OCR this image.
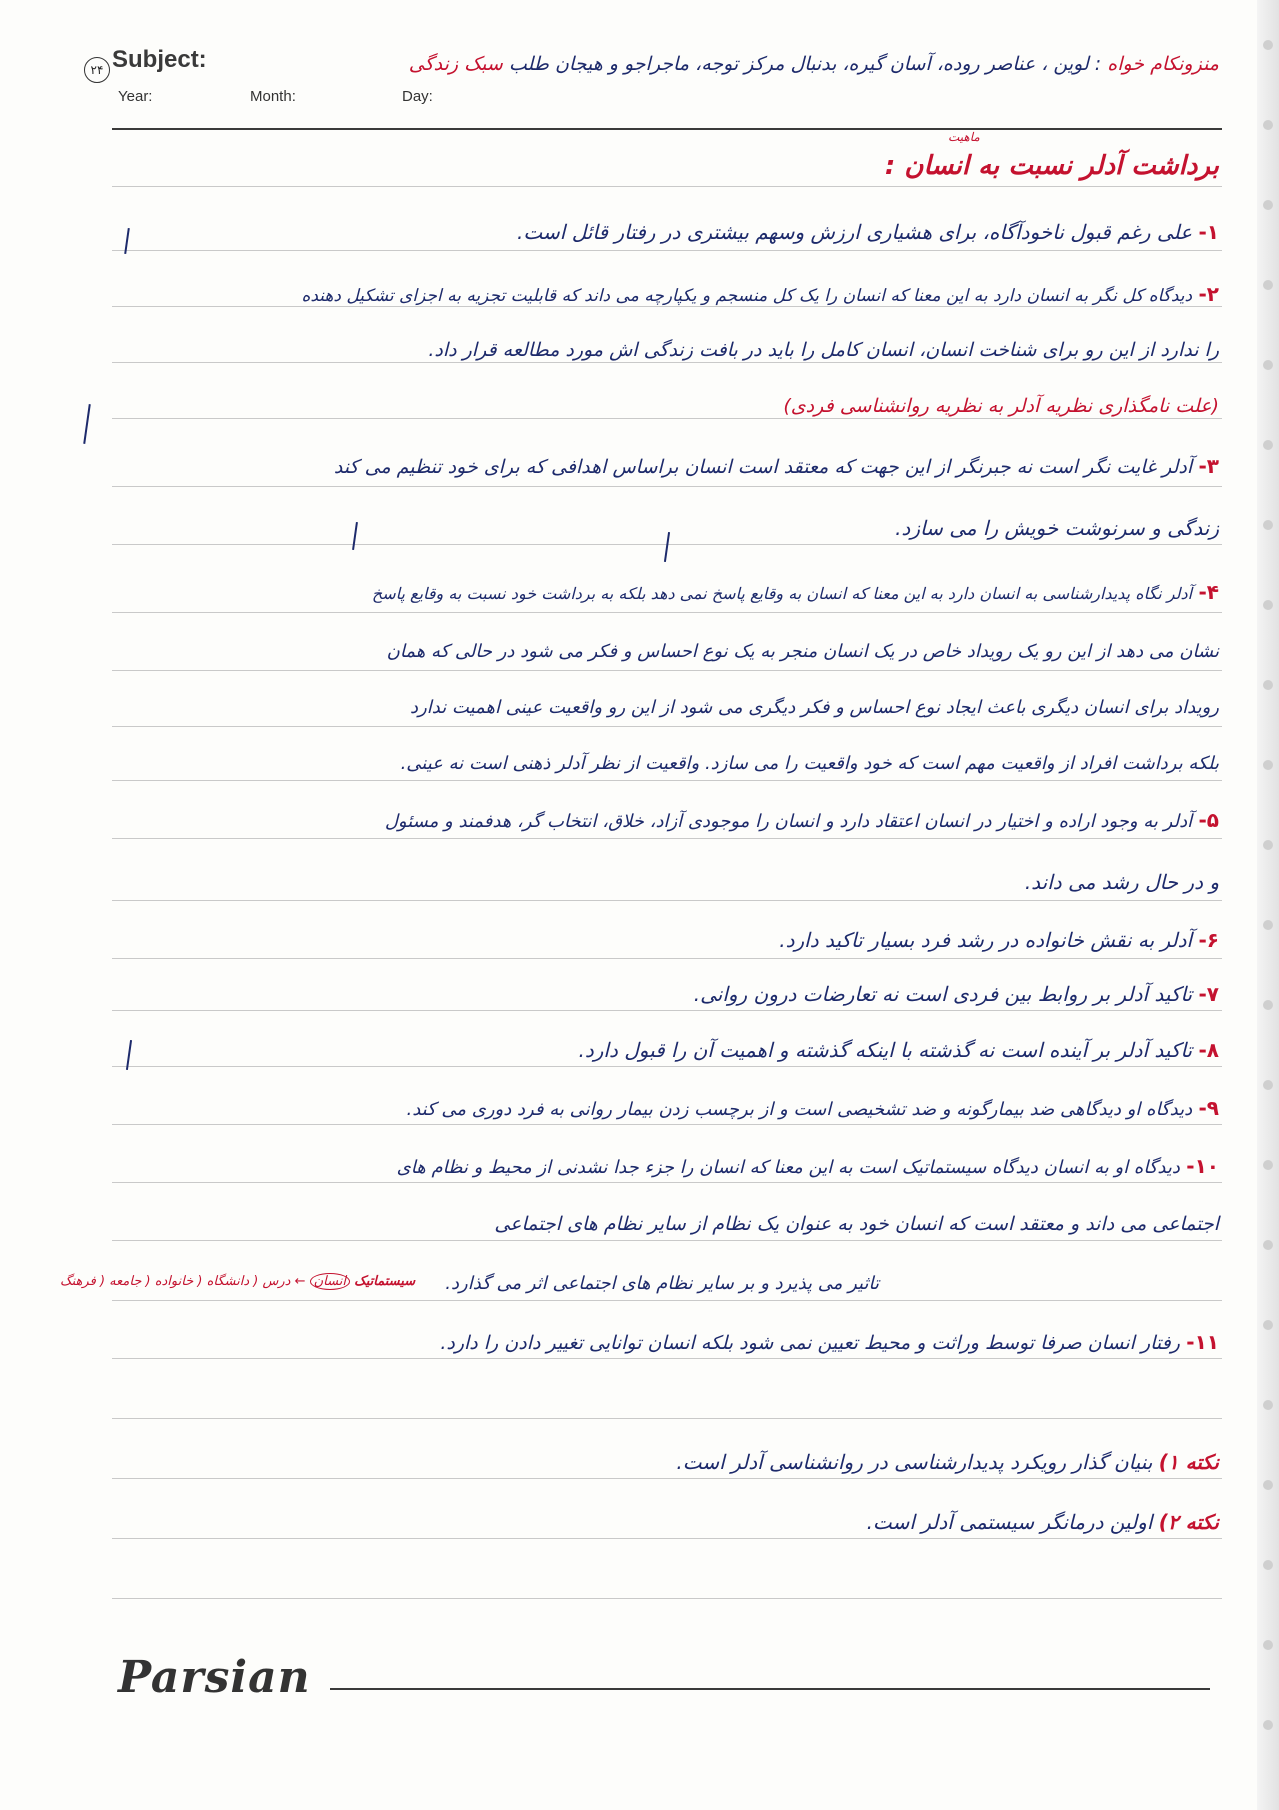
۲۴ Subject:
Year:	Month:	Day:
منزونکام خواه : لوین ، عناصر روده، آسان گیره، بدنبال مرکز توجه، ماجراجو و هیجان طلب سبک زندگی
ماهیت
برداشت آدلر نسبت به انسان :
۱- علی رغم قبول ناخودآگاه، برای هشیاری ارزش وسهم بیشتری در رفتار قائل است.
۲- دیدگاه کل نگر به انسان دارد به این معنا که انسان را یک کل منسجم و یکپارچه می داند که قابلیت تجزیه به اجزای تشکیل دهنده
را ندارد از این رو برای شناخت انسان، انسان کامل را باید در بافت زندگی اش مورد مطالعه قرار داد.
(علت نامگذاری نظریه آدلر به نظریه روانشناسی فردی)
۳- آدلر غایت نگر است نه جبرنگر از این جهت که معتقد است انسان براساس اهدافی که برای خود تنظیم می کند
زندگی و سرنوشت خویش را می سازد.
۴- آدلر نگاه پدیدارشناسی به انسان دارد به این معنا که انسان به وقایع پاسخ نمی دهد بلکه به برداشت خود نسبت به وقایع پاسخ
نشان می دهد از این رو یک رویداد خاص در یک انسان منجر به یک نوع احساس و فکر می شود در حالی که همان
رویداد برای انسان دیگری باعث ایجاد نوع احساس و فکر دیگری می شود از این رو واقعیت عینی اهمیت ندارد
بلکه برداشت افراد از واقعیت مهم است که خود واقعیت را می سازد. واقعیت از نظر آدلر ذهنی است نه عینی.
۵- آدلر به وجود اراده و اختیار در انسان اعتقاد دارد و انسان را موجودی آزاد، خلاق، انتخاب گر، هدفمند و مسئول
و در حال رشد می داند.
۶- آدلر به نقش خانواده در رشد فرد بسیار تاکید دارد.
۷- تاکید آدلر بر روابط بین فردی است نه تعارضات درون روانی.
۸- تاکید آدلر بر آینده است نه گذشته با اینکه گذشته و اهمیت آن را قبول دارد.
۹- دیدگاه او دیدگاهی ضد بیمارگونه و ضد تشخیصی است و از برچسب زدن بیمار روانی به فرد دوری می کند.
۱۰- دیدگاه او به انسان دیدگاه سیستماتیک است به این معنا که انسان را جزء جدا نشدنی از محیط و نظام های
اجتماعی می داند و معتقد است که انسان خود به عنوان یک نظام از سایر نظام های اجتماعی
تاثیر می پذیرد و بر سایر نظام های اجتماعی اثر می گذارد.
سیستماتیک انسان ← درس ( دانشگاه ( خانواده ( جامعه ( فرهنگ
۱۱- رفتار انسان صرفا توسط وراثت و محیط تعیین نمی شود بلکه انسان توانایی تغییر دادن را دارد.
نکته ۱) بنیان گذار رویکرد پدیدارشناسی در روانشناسی آدلر است.
نکته ۲) اولین درمانگر سیستمی آدلر است.
Parsian
